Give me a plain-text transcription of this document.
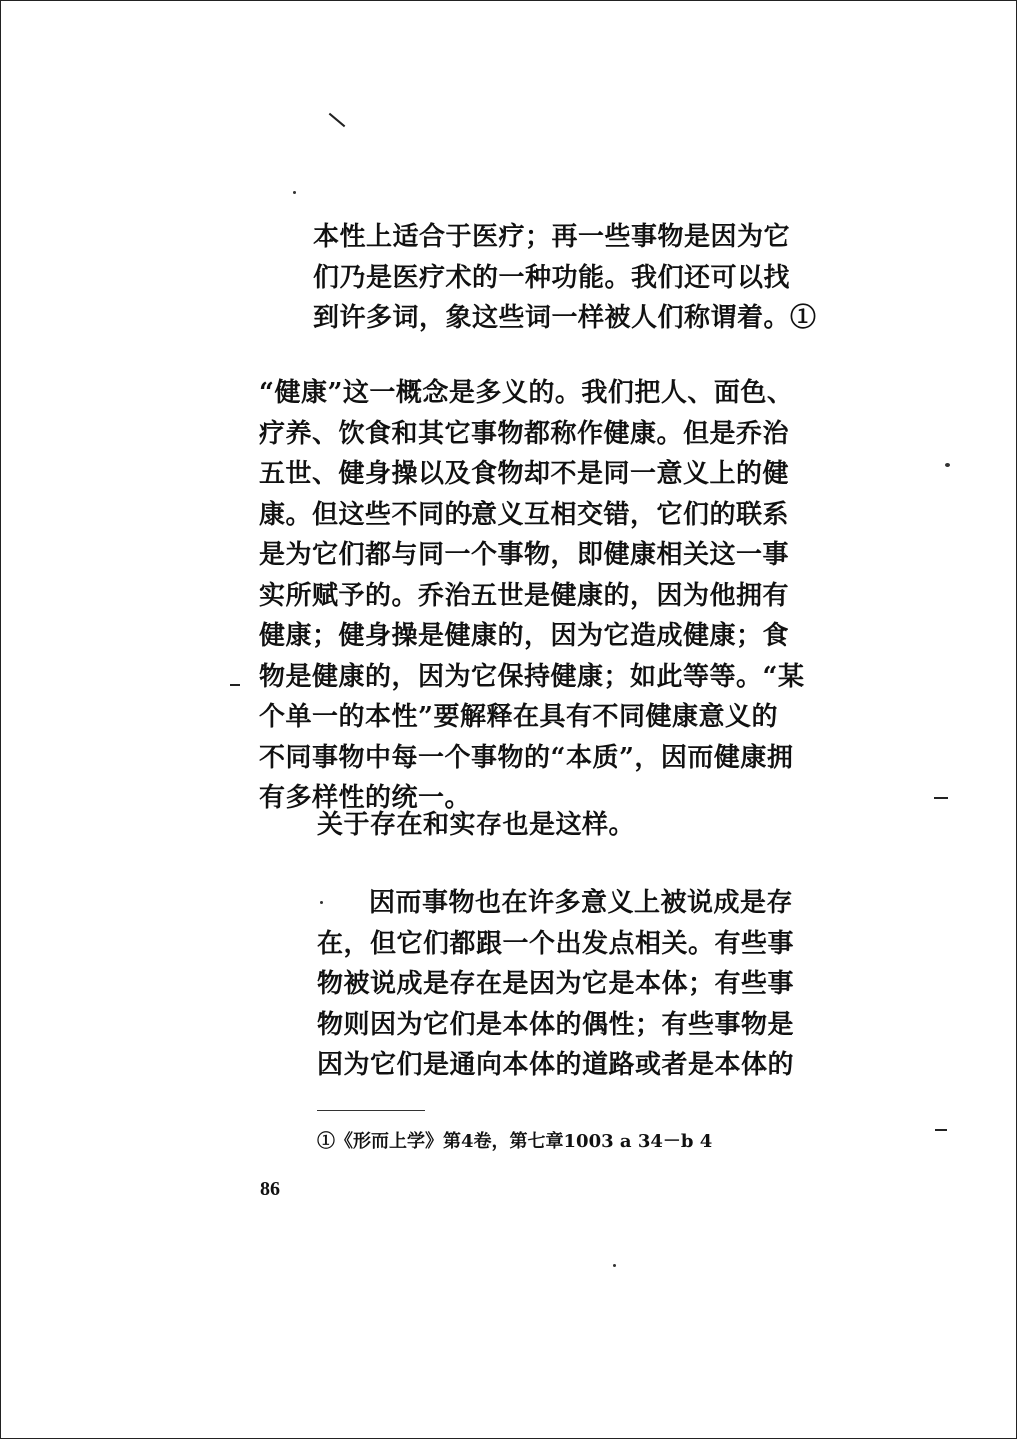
本性上适合于医疗；再一些事物是因为它
们乃是医疗术的一种功能。我们还可以找
到许多词，象这些词一样被人们称谓着。①

“健康”这一概念是多义的。我们把人、面色、
疗养、饮食和其它事物都称作健康。但是乔治
五世、健身操以及食物却不是同一意义上的健
康。但这些不同的意义互相交错，它们的联系
是为它们都与同一个事物，即健康相关这一事
实所赋予的。乔治五世是健康的，因为他拥有
健康；健身操是健康的，因为它造成健康；食
物是健康的，因为它保持健康；如此等等。“某
个单一的本性”要解释在具有不同健康意义的
不同事物中每一个事物的“本质”，因而健康拥
有多样性的统一。

关于存在和实存也是这样。

因而事物也在许多意义上被说成是存
在，但它们都跟一个出发点相关。有些事
物被说成是存在是因为它是本体；有些事
物则因为它们是本体的偶性；有些事物是
因为它们是通向本体的道路或者是本体的

①《形而上学》第4卷，第七章1003 a 34－b 4
86
